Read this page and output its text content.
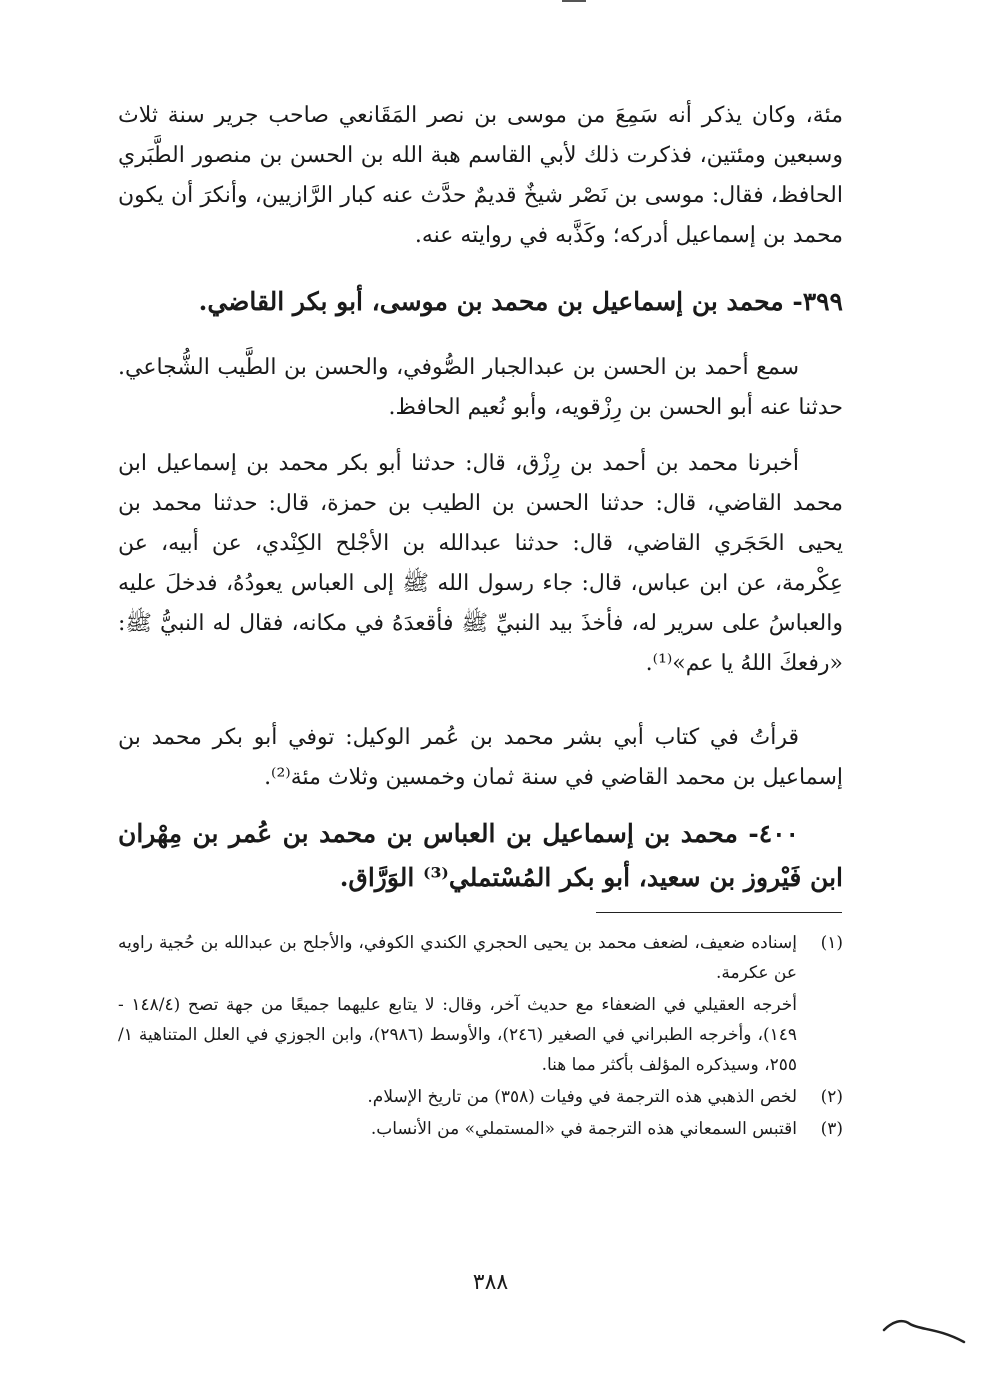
مئة، وكان يذكر أنه سَمِعَ من موسى بن نصر المَقَانعي صاحب جرير سنة ثلاث وسبعين ومئتين، فذكرت ذلك لأبي القاسم هبة الله بن الحسن بن منصور الطَّبَري الحافظ، فقال: موسى بن نَصْر شيخٌ قديمٌ حدَّث عنه كبار الرَّازيين، وأنكرَ أن يكون محمد بن إسماعيل أدركه؛ وكَذَّبه في روايته عنه.

٣٩٩- محمد بن إسماعيل بن محمد بن موسى، أبو بكر القاضي.

سمع أحمد بن الحسن بن عبدالجبار الصُّوفي، والحسن بن الطَّيب الشُّجاعي. حدثنا عنه أبو الحسن بن رِزْقويه، وأبو نُعيم الحافظ.

أخبرنا محمد بن أحمد بن رِزْق، قال: حدثنا أبو بكر محمد بن إسماعيل ابن محمد القاضي، قال: حدثنا الحسن بن الطيب بن حمزة، قال: حدثنا محمد بن يحيى الحَجَري القاضي، قال: حدثنا عبدالله بن الأجْلح الكِنْدي، عن أبيه، عن عِكْرمة، عن ابن عباس، قال: جاء رسول الله ﷺ إلى العباس يعودُهُ، فدخلَ عليه والعباسُ على سرير له، فأخذَ بيد النبيِّ ﷺ فأقعدَهُ في مكانه، فقال له النبيُّ ﷺ: «رفعكَ اللهُ يا عم»⁽¹⁾.

قرأتُ في كتاب أبي بشر محمد بن عُمر الوكيل: توفي أبو بكر محمد بن إسماعيل بن محمد القاضي في سنة ثمان وخمسين وثلاث مئة⁽²⁾.

٤٠٠- محمد بن إسماعيل بن العباس بن محمد بن عُمر بن مِهْران ابن فَيْروز بن سعيد، أبو بكر المُسْتملي⁽³⁾ الوَرَّاق.

(١)
إسناده ضعيف، لضعف محمد بن يحيى الحجري الكندي الكوفي، والأجلح بن عبدالله بن حُجية راويه عن عكرمة.
أخرجه العقيلي في الضعفاء مع حديث آخر، وقال: لا يتابع عليهما جميعًا من جهة تصح (١٤٨/٤ - ١٤٩)، وأخرجه الطبراني في الصغير (٢٤٦)، والأوسط (٢٩٨٦)، وابن الجوزي في العلل المتناهية ١/ ٢٥٥، وسيذكره المؤلف بأكثر مما هنا.
(٢)
لخص الذهبي هذه الترجمة في وفيات (٣٥٨) من تاريخ الإسلام.
(٣)
اقتبس السمعاني هذه الترجمة في «المستملي» من الأنساب.
٣٨٨
